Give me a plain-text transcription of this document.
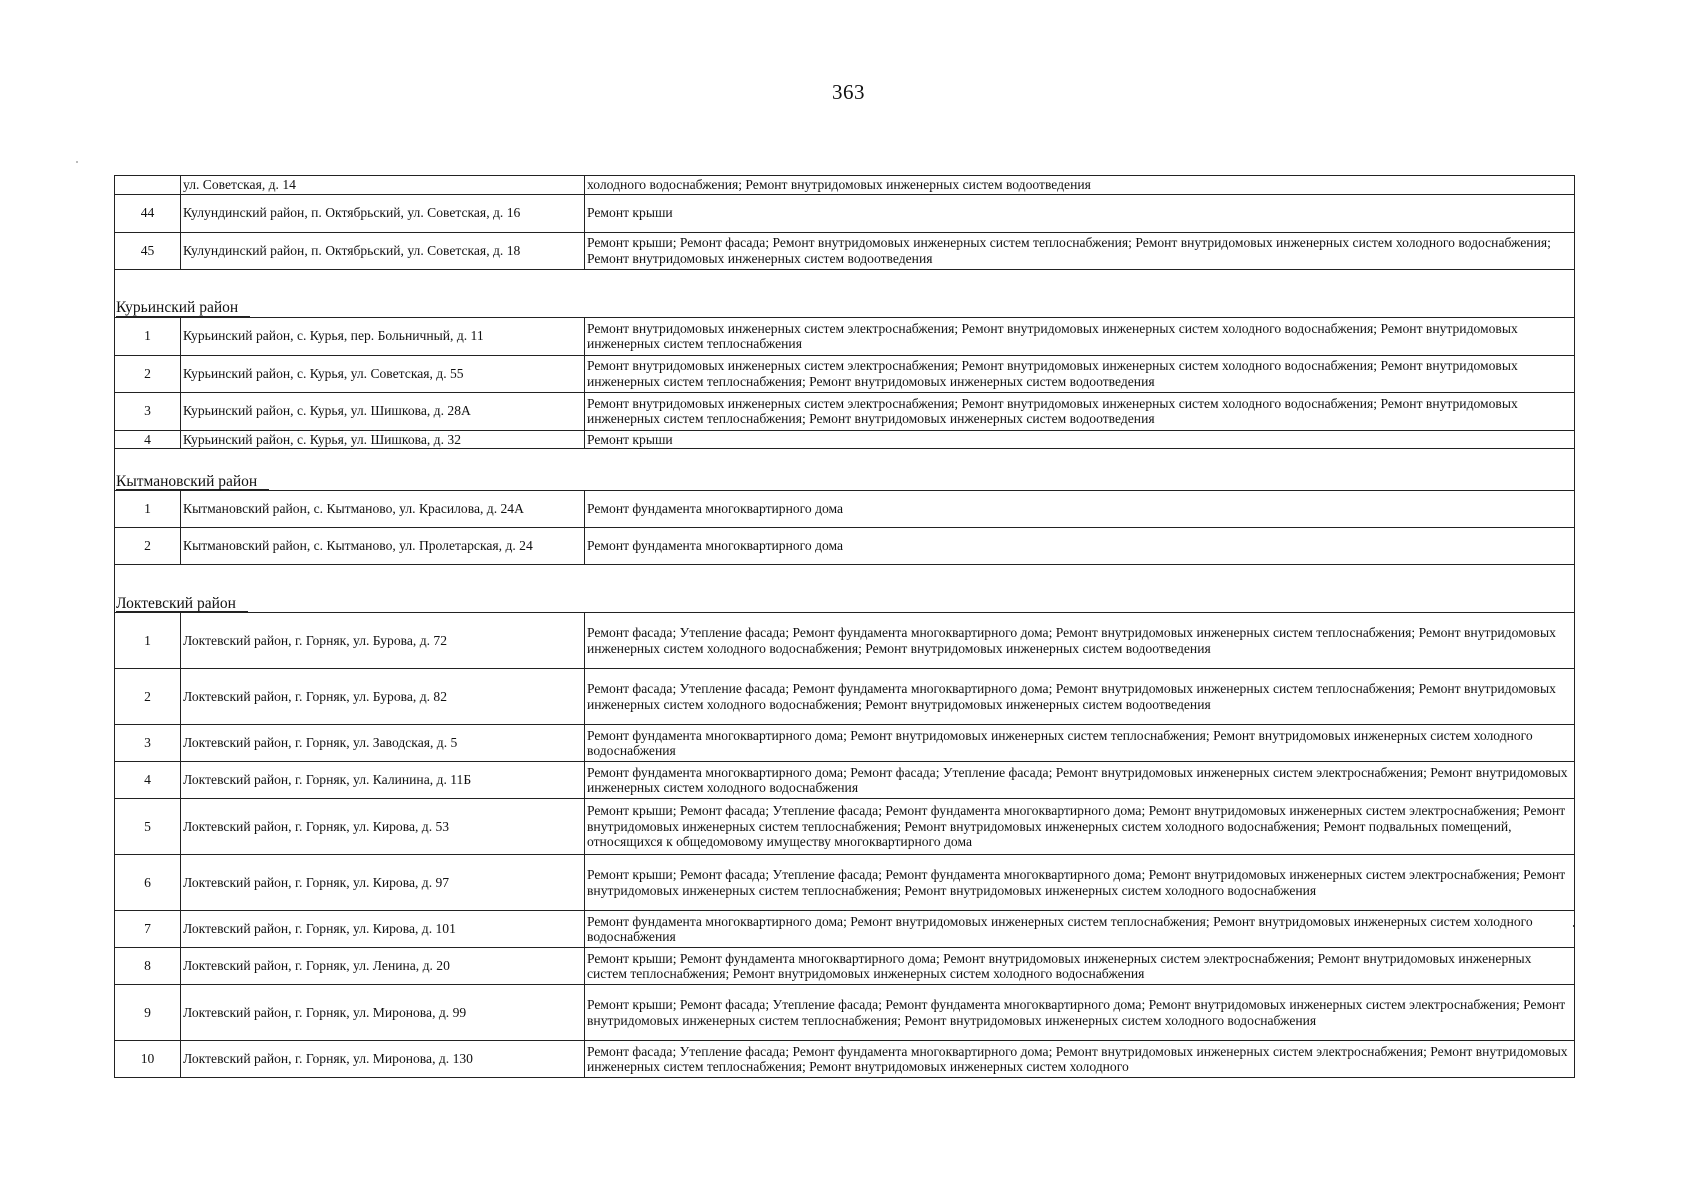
363
	ул. Советская, д. 14	холодного водоснабжения; Ремонт внутридомовых инженерных систем водоотведения
44	Кулундинский район, п. Октябрьский, ул. Советская, д. 16	Ремонт крыши
45	Кулундинский район, п. Октябрьский, ул. Советская, д. 18	Ремонт крыши; Ремонт фасада; Ремонт внутридомовых инженерных систем теплоснабжения; Ремонт внутридомовых инженерных систем холодного водоснабжения; Ремонт внутридомовых инженерных систем водоотведения
Курьинский район		
1	Курьинский район, с. Курья, пер. Больничный, д. 11	Ремонт внутридомовых инженерных систем электроснабжения; Ремонт внутридомовых инженерных систем холодного водоснабжения; Ремонт внутридомовых инженерных систем теплоснабжения
2	Курьинский район, с. Курья, ул. Советская, д. 55	Ремонт внутридомовых инженерных систем электроснабжения; Ремонт внутридомовых инженерных систем холодного водоснабжения; Ремонт внутридомовых инженерных систем теплоснабжения; Ремонт внутридомовых инженерных систем водоотведения
3	Курьинский район, с. Курья, ул. Шишкова, д. 28А	Ремонт внутридомовых инженерных систем электроснабжения; Ремонт внутридомовых инженерных систем холодного водоснабжения; Ремонт внутридомовых инженерных систем теплоснабжения; Ремонт внутридомовых инженерных систем водоотведения
4	Курьинский район, с. Курья, ул. Шишкова, д. 32	Ремонт крыши
Кытмановский район		
1	Кытмановский район, с. Кытманово, ул. Красилова, д. 24А	Ремонт фундамента многоквартирного дома
2	Кытмановский район, с. Кытманово, ул. Пролетарская, д. 24	Ремонт фундамента многоквартирного дома
Локтевский район		
1	Локтевский район, г. Горняк, ул. Бурова, д. 72	Ремонт фасада; Утепление фасада; Ремонт фундамента многоквартирного дома; Ремонт внутридомовых инженерных систем теплоснабжения; Ремонт внутридомовых инженерных систем холодного водоснабжения; Ремонт внутридомовых инженерных систем водоотведения
2	Локтевский район, г. Горняк, ул. Бурова, д. 82	Ремонт фасада; Утепление фасада; Ремонт фундамента многоквартирного дома; Ремонт внутридомовых инженерных систем теплоснабжения; Ремонт внутридомовых инженерных систем холодного водоснабжения; Ремонт внутридомовых инженерных систем водоотведения
3	Локтевский район, г. Горняк, ул. Заводская, д. 5	Ремонт фундамента многоквартирного дома; Ремонт внутридомовых инженерных систем теплоснабжения; Ремонт внутридомовых инженерных систем холодного водоснабжения
4	Локтевский район, г. Горняк, ул. Калинина, д. 11Б	Ремонт фундамента многоквартирного дома; Ремонт фасада; Утепление фасада; Ремонт внутридомовых инженерных систем электроснабжения; Ремонт внутридомовых инженерных систем холодного водоснабжения
5	Локтевский район, г. Горняк, ул. Кирова, д. 53	Ремонт крыши; Ремонт фасада; Утепление фасада; Ремонт фундамента многоквартирного дома; Ремонт внутридомовых инженерных систем электроснабжения; Ремонт внутридомовых инженерных систем теплоснабжения; Ремонт внутридомовых инженерных систем холодного водоснабжения; Ремонт подвальных помещений, относящихся к общедомовому имуществу многоквартирного дома
6	Локтевский район, г. Горняк, ул. Кирова, д. 97	Ремонт крыши; Ремонт фасада; Утепление фасада; Ремонт фундамента многоквартирного дома; Ремонт внутридомовых инженерных систем электроснабжения; Ремонт внутридомовых инженерных систем теплоснабжения; Ремонт внутридомовых инженерных систем холодного водоснабжения
7	Локтевский район, г. Горняк, ул. Кирова, д. 101	Ремонт фундамента многоквартирного дома; Ремонт внутридомовых инженерных систем теплоснабжения; Ремонт внутридомовых инженерных систем холодного водоснабжения
8	Локтевский район, г. Горняк, ул. Ленина, д. 20	Ремонт крыши; Ремонт фундамента многоквартирного дома; Ремонт внутридомовых инженерных систем электроснабжения; Ремонт внутридомовых инженерных систем теплоснабжения; Ремонт внутридомовых инженерных систем холодного водоснабжения
9	Локтевский район, г. Горняк, ул. Миронова, д. 99	Ремонт крыши; Ремонт фасада; Утепление фасада; Ремонт фундамента многоквартирного дома; Ремонт внутридомовых инженерных систем электроснабжения; Ремонт внутридомовых инженерных систем теплоснабжения; Ремонт внутридомовых инженерных систем холодного водоснабжения
10	Локтевский район, г. Горняк, ул. Миронова, д. 130	Ремонт фасада; Утепление фасада; Ремонт фундамента многоквартирного дома; Ремонт внутридомовых инженерных систем электроснабжения; Ремонт внутридомовых инженерных систем теплоснабжения; Ремонт внутридомовых инженерных систем холодного
